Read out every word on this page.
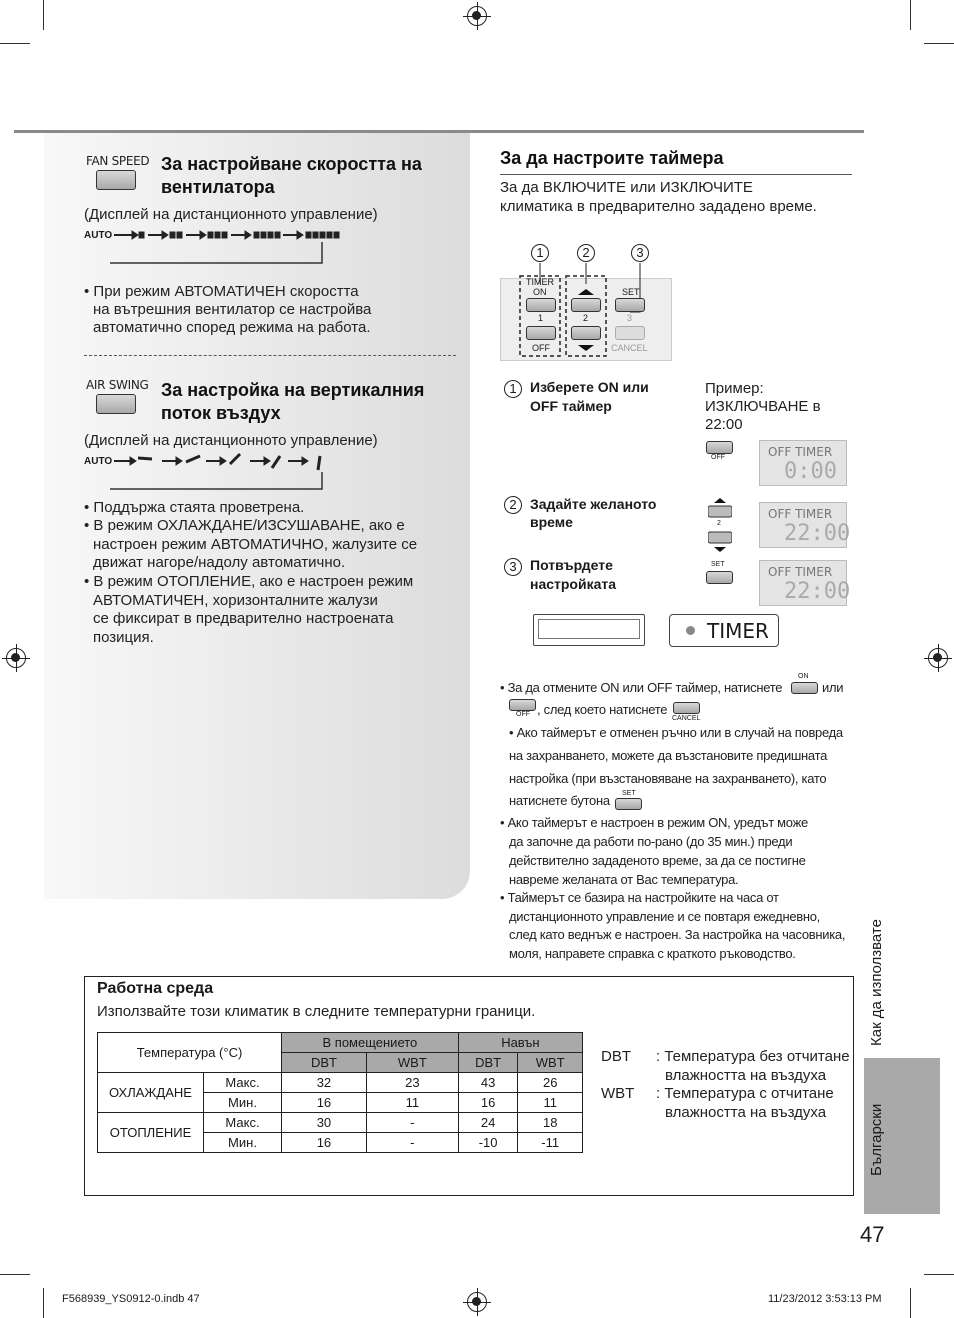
FAN SPEED За настройване скоростта на
вентилатора
(Дисплей на дистанционното управление)
AUTO
• При режим АВТОМАТИЧЕН скоростта
на вътрешния вентилатор се настройва
автоматично според режима на работа.
AIR SWING За настройка на вертикалния
поток въздух
(Дисплей на дистанционното управление)
AUTO
• Поддържа стаята проветрена.
• В режим ОХЛАЖДАНЕ/ИЗСУШАВАНЕ, ако е
настроен режим АВТОМАТИЧНО, жалузите се
движат нагоре/надолу автоматично.
• В режим ОТОПЛЕНИЕ, ако е настроен режим
АВТОМАТИЧЕН, хоризонталните жалузи
се фиксират в предварително настроената
позиция.
За да настроите таймера
За да ВКЛЮЧИТЕ или ИЗКЛЮЧИТЕ
климатика в предварително зададено време.
1	2	3
TIMER
ON
1
OFF
2
SET
3
CANCEL
1 Изберете ON или
OFF таймер
Пример:
ИЗКЛЮЧВАНЕ в
22:00
OFF	OFF TIMER
0:00
2 Задайте желаното
време	2
OFF TIMER
22:00
3 Потвърдете
настройката
SET
OFF TIMER
22:00
TIMER
• За да отмените ON или OFF таймер, натиснете
ON
или
OFF , след което натиснете
CANCEL
• Ако таймерът е отменен ръчно или в случай на повреда
на захранването, можете да възстановите предишната
настройка (при възстановяване на захранването), като
натиснете бутона SET
• Ако таймерът е настроен в режим ON, уредът може
да започне да работи по-рано (до 35 мин.) преди
действително зададеното време, за да се постигне
навреме желаната от Вас температура.
• Таймерът се базира на настройките на часа от
дистанционното управление и се повтаря ежедневно,
след като веднъж е настроен. За настройка на часовника,
моля, направете справка с краткото ръководство.	Как да използвате
Български
47
Работна среда
Използвайте този климатик в следните температурни граници.
Температура (°C)		В помещението		Навън	
		DBT	WBT	DBT	WBT
ОХЛАЖДАНЕ	Макс.	32	23	43	26
	Мин.	16	11	16	11
ОТОПЛЕНИЕ	Макс.	30	-	24	18
	Мин.	16	-	-10	-11
DBT : Температура без отчитане
влажността на въздуха
WBT : Температура с отчитане
влажността на въздуха
F568939_YS0912-0.indb 47	11/23/2012 3:53:13 PM
